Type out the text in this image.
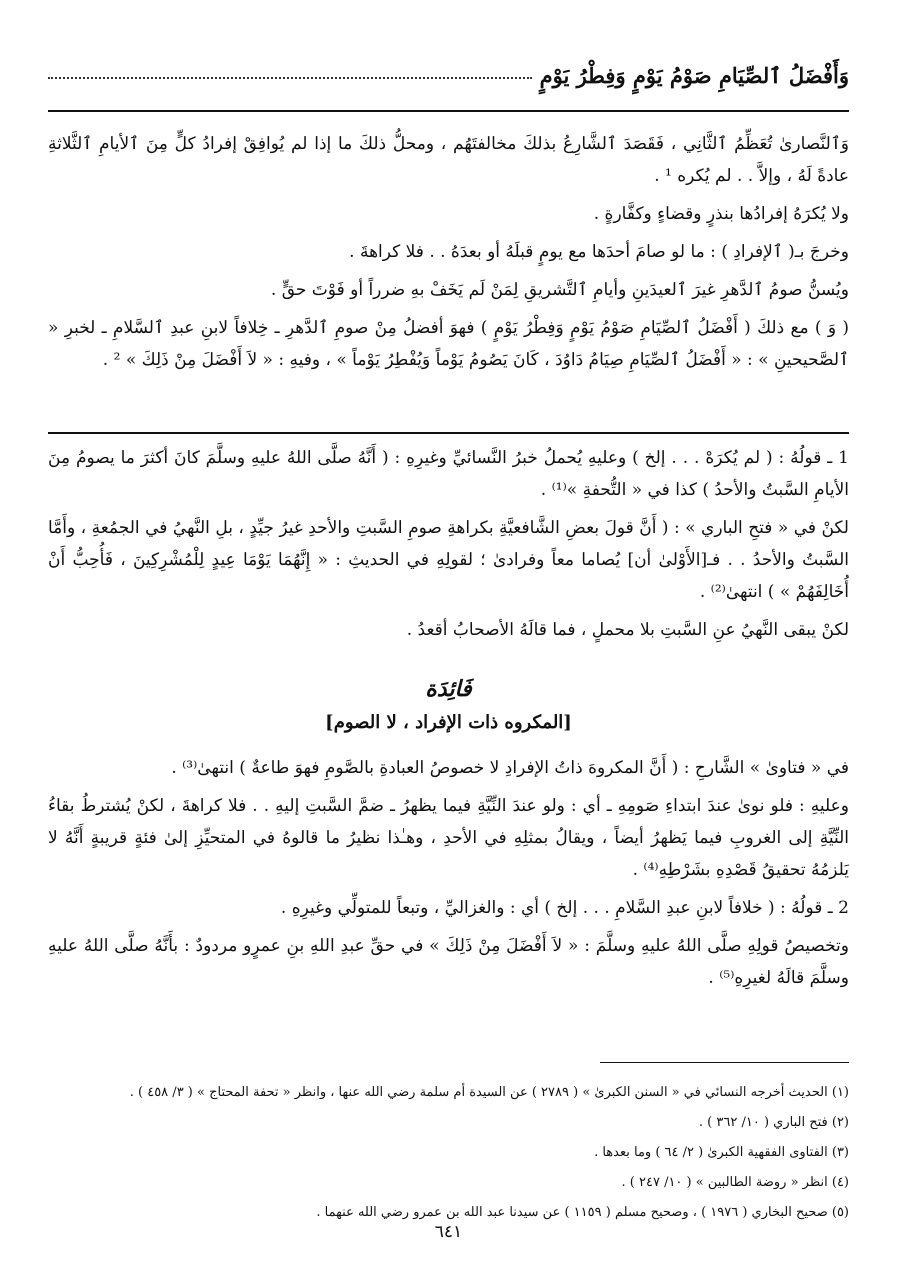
وَأَفْضَلُ ٱلصِّيَامِ صَوْمُ يَوْمٍ وَفِطْرُ يَوْمٍ

وَٱلنَّصارىٰ تُعَظِّمُ ٱلثَّانِي ، فَقَصَدَ ٱلشَّارِعُ بذلكَ مخالفتَهُم ، ومحلُّ ذلكَ ما إذا لم يُوافِقْ إفرادُ كلٍّ مِنَ ٱلأيامِ ٱلثَّلاثةِ عادةً لَهُ ، وإلاَّ . . لم يُكره ¹ .

ولا يُكرَهُ إفرادُها بنذرٍ وقضاءٍ وكفَّارةٍ .

وخرجَ بـ( ٱلإفرادِ ) : ما لو صامَ أحدَها مع يومٍ قبلَهُ أو بعدَهُ . . فلا كراهةَ .

ويُسنُّ صومُ ٱلدَّهرِ غيرَ ٱلعيدَينِ وأيامِ ٱلتَّشريقِ لِمَنْ لَم يَخَفْ بهِ ضرراً أو فَوْتَ حقٍّ .

( وَ ) مع ذلكَ ( أَفْضَلُ ٱلصِّيَامِ صَوْمُ يَوْمٍ وَفِطْرُ يَوْمٍ ) فهوَ أفضلُ مِنْ صومِ ٱلدَّهرِ ـ خِلافاً لابنِ عبدِ ٱلسَّلامِ ـ لخبرِ « ٱلصَّحيحينِ » : « أَفْضَلُ ٱلصِّيَامِ صِيَامُ دَاوُدَ ، كَانَ يَصُومُ يَوْماً وَيُفْطِرُ يَوْماً » ، وفيهِ : « لاَ أَفْضَلَ مِنْ ذَلِكَ » ² .

1 ـ قولُهُ : ( لم يُكرَهْ . . . إلخ ) وعليهِ يُحملُ خبرُ النَّسائيِّ وغيرِهِ : ( أَنَّهُ صلَّى اللهُ عليهِ وسلَّمَ كانَ أكثرَ ما يصومُ مِنَ الأيامِ السَّبتُ والأحدُ ) كذا في « التُّحفةِ »⁽¹⁾ .

لكنْ في « فتحِ الباري » : ( أَنَّ قولَ بعضِ الشَّافعيَّةِ بكراهةِ صومِ السَّبتِ والأحدِ غيرُ جيِّدٍ ، بلِ النَّهيُ في الجمُعةِ ، وأَمَّا السَّبتُ والأحدُ . . فـ[الأَوْلىٰ أن] يُصاما معاً وفرادىٰ ؛ لقولِهِ في الحديثِ : « إِنَّهُمَا يَوْمَا عِيدٍ لِلْمُشْرِكِينَ ، فَأُحِبُّ أَنْ أُخَالِفَهُمْ » ) انتهىٰ⁽²⁾ .

لكنْ يبقى النَّهيُ عنِ السَّبتِ بلا محملٍ ، فما قالَهُ الأصحابُ أقعدُ .

فَائِدَة
[المكروه ذات الإفراد ، لا الصوم]

في « فتاوىٰ » الشَّارحِ : ( أَنَّ المكروهَ ذاتُ الإفرادِ لا خصوصُ العبادةِ بالصَّومِ فهوَ طاعةٌ ) انتهىٰ⁽³⁾ .

وعليهِ : فلو نوىٰ عندَ ابتداءِ صَومِهِ ـ أي : ولو عندَ النِّيَّةِ فيما يظهرُ ـ ضمَّ السَّبتِ إليهِ . . فلا كراهةَ ، لكنْ يُشترطُ بقاءُ النِّيَّةِ إلى الغروبِ فيما يَظهرُ أيضاً ، ويقالُ بمثلِهِ في الأحدِ ، وهـٰذا نظيرُ ما قالوهُ في المتحيِّزِ إلىٰ فئةٍ قريبةٍ أَنَّهُ لا يَلزمُهُ تحقيقُ قَصْدِهِ بشَرْطِهِ⁽⁴⁾ .

2 ـ قولُهُ : ( خلافاً لابنِ عبدِ السَّلامِ . . . إلخ ) أي : والغزاليِّ ، وتبعاً للمتولِّي وغيرِهِ .

وتخصيصُ قولِهِ صلَّى اللهُ عليهِ وسلَّمَ : « لاَ أَفْضَلَ مِنْ ذَلِكَ » في حقِّ عبدِ اللهِ بنِ عمرٍو مردودٌ : بأَنَّهُ صلَّى اللهُ عليهِ وسلَّمَ قالَهُ لغيرِهِ⁽⁵⁾ .

(١) الحديث أخرجه النسائي في « السنن الكبرىٰ » ( ٢٧٨٩ ) عن السيدة أم سلمة رضي الله عنها ، وانظر « تحفة المحتاج » ( ٣/ ٤٥٨ ) .

(٢) فتح الباري ( ١٠/ ٣٦٢ ) .

(٣) الفتاوى الفقهية الكبرىٰ ( ٢/ ٦٤ ) وما بعدها .

(٤) انظر « روضة الطالبين » ( ١٠/ ٢٤٧ ) .

(٥) صحيح البخاري ( ١٩٧٦ ) ، وصحيح مسلم ( ١١٥٩ ) عن سيدنا عبد الله بن عمرو رضي الله عنهما .

٦٤١
